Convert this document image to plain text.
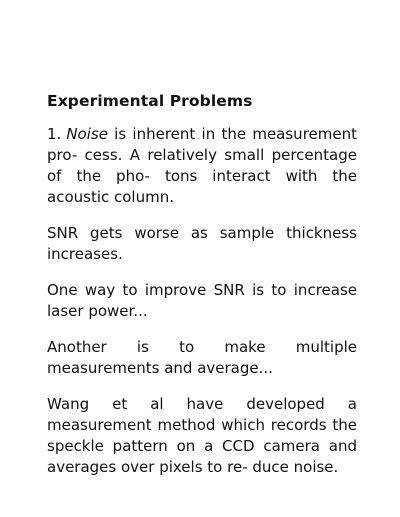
Experimental Problems

1. Noise is inherent in the measurement pro- cess. A relatively small percentage of the pho- tons interact with the acoustic column.

SNR gets worse as sample thickness increases.

One way to improve SNR is to increase laser power...

Another is to make multiple measurements and average...

Wang et al have developed a measurement method which records the speckle pattern on a CCD camera and averages over pixels to re- duce noise.
